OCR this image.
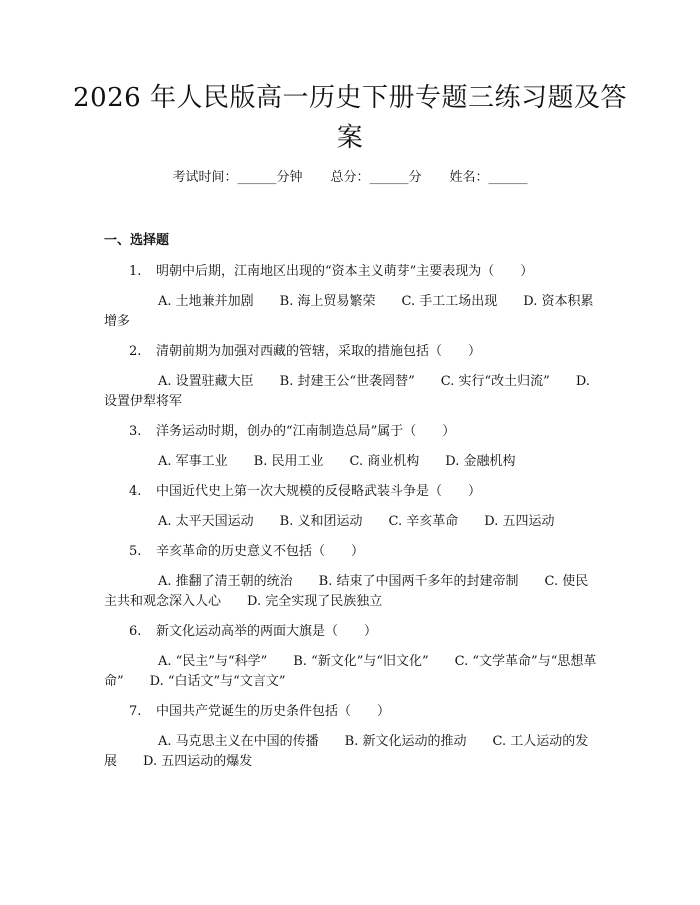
2026 年人民版高一历史下册专题三练习题及答案
考试时间：______分钟 总分：______分 姓名：______
一、选择题
1. 明朝中后期，江南地区出现的“资本主义萌芽”主要表现为（　　）
A. 土地兼并加剧 B. 海上贸易繁荣 C. 手工工场出现 D. 资本积累增多
2. 清朝前期为加强对西藏的管辖，采取的措施包括（　　）
A. 设置驻藏大臣 B. 封建王公“世袭罔替” C. 实行“改土归流” D. 设置伊犁将军
3. 洋务运动时期，创办的“江南制造总局”属于（　　）
A. 军事工业 B. 民用工业 C. 商业机构 D. 金融机构
4. 中国近代史上第一次大规模的反侵略武装斗争是（　　）
A. 太平天国运动 B. 义和团运动 C. 辛亥革命 D. 五四运动
5. 辛亥革命的历史意义不包括（　　）
A. 推翻了清王朝的统治 B. 结束了中国两千多年的封建帝制 C. 使民主共和观念深入人心 D. 完全实现了民族独立
6. 新文化运动高举的两面大旗是（　　）
A. “民主”与“科学” B. “新文化”与“旧文化” C. “文学革命”与“思想革命” D. “白话文”与“文言文”
7. 中国共产党诞生的历史条件包括（　　）
A. 马克思主义在中国的传播 B. 新文化运动的推动 C. 工人运动的发展 D. 五四运动的爆发
